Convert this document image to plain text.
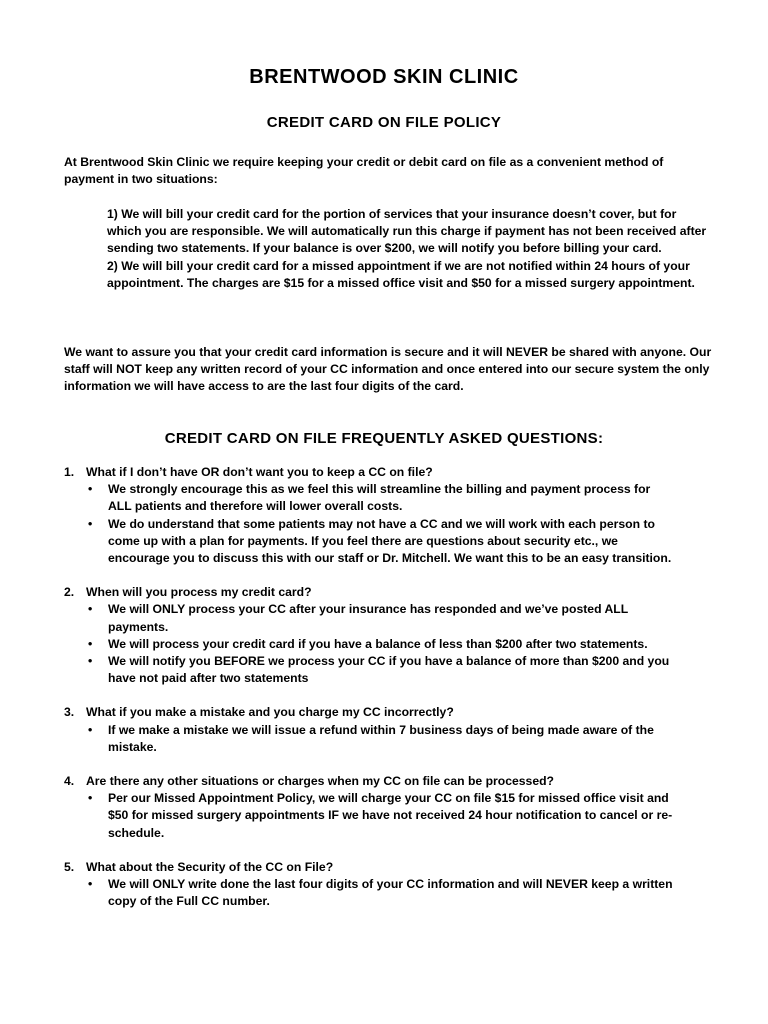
BRENTWOOD SKIN CLINIC
CREDIT CARD ON FILE POLICY

At Brentwood Skin Clinic we require keeping your credit or debit card on file as a convenient method of payment in two situations:

1) We will bill your credit card for the portion of services that your insurance doesn’t cover, but for which you are responsible. We will automatically run this charge if payment has not been received after sending two statements. If your balance is over $200, we will notify you before billing your card.

2) We will bill your credit card for a missed appointment if we are not notified within 24 hours of your appointment. The charges are $15 for a missed office visit and $50 for a missed surgery appointment.

We want to assure you that your credit card information is secure and it will NEVER be shared with anyone. Our staff will NOT keep any written record of your CC information and once entered into our secure system the only information we will have access to are the last four digits of the card.

CREDIT CARD ON FILE FREQUENTLY ASKED QUESTIONS:
1. What if I don’t have OR don’t want you to keep a CC on file?
•	We strongly encourage this as we feel this will streamline the billing and payment process for ALL patients and therefore will lower overall costs.
•	We do understand that some patients may not have a CC and we will work with each person to come up with a plan for payments. If you feel there are questions about security etc., we encourage you to discuss this with our staff or Dr. Mitchell. We want this to be an easy transition.
2. When will you process my credit card?
•	We will ONLY process your CC after your insurance has responded and we’ve posted ALL payments.
•	We will process your credit card if you have a balance of less than $200 after two statements.
•	We will notify you BEFORE we process your CC if you have a balance of more than $200 and you have not paid after two statements
3. What if you make a mistake and you charge my CC incorrectly?
•	If we make a mistake we will issue a refund within 7 business days of being made aware of the mistake.
4. Are there any other situations or charges when my CC on file can be processed?
•	Per our Missed Appointment Policy, we will charge your CC on file $15 for missed office visit and $50 for missed surgery appointments IF we have not received 24 hour notification to cancel or re-schedule.
5. What about the Security of the CC on File?
•	We will ONLY write done the last four digits of your CC information and will NEVER keep a written copy of the Full CC number.
